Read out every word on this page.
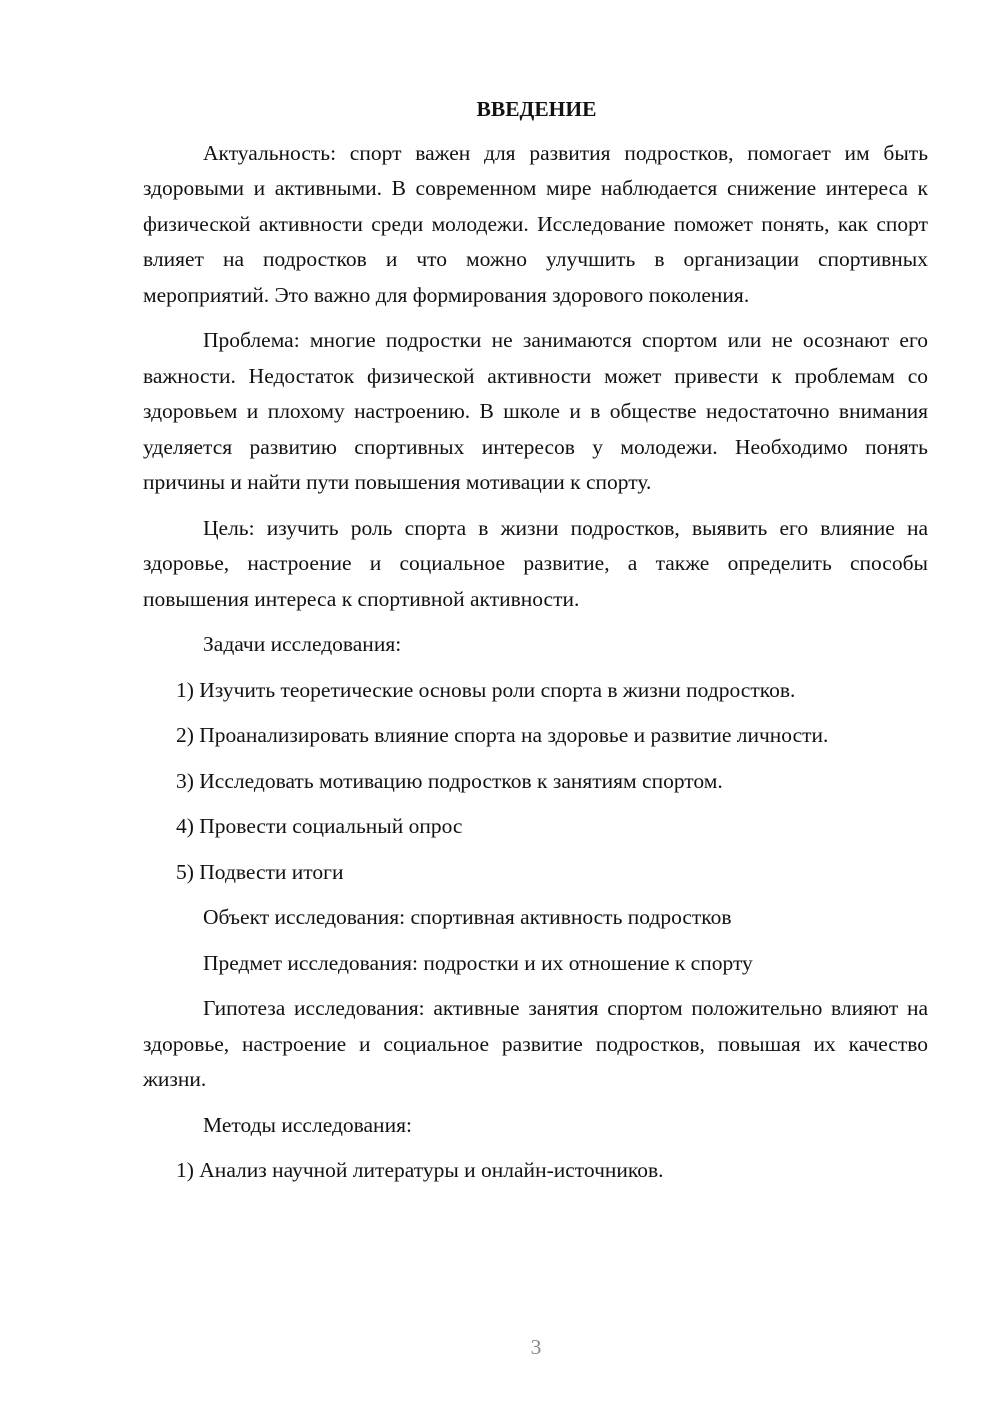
ВВЕДЕНИЕ

Актуальность: спорт важен для развития подростков, помогает им быть здоровыми и активными. В современном мире наблюдается снижение интереса к физической активности среди молодежи. Исследование поможет понять, как спорт влияет на подростков и что можно улучшить в организации спортивных мероприятий. Это важно для формирования здорового поколения.

Проблема: многие подростки не занимаются спортом или не осознают его важности. Недостаток физической активности может привести к проблемам со здоровьем и плохому настроению. В школе и в обществе недостаточно внимания уделяется развитию спортивных интересов у молодежи. Необходимо понять причины и найти пути повышения мотивации к спорту.

Цель: изучить роль спорта в жизни подростков, выявить его влияние на здоровье, настроение и социальное развитие, а также определить способы повышения интереса к спортивной активности.

Задачи исследования:

1) Изучить теоретические основы роли спорта в жизни подростков.

2) Проанализировать влияние спорта на здоровье и развитие личности.

3) Исследовать мотивацию подростков к занятиям спортом.

4) Провести социальный опрос

5) Подвести итоги

Объект исследования: спортивная активность подростков

Предмет исследования: подростки и их отношение к спорту

Гипотеза исследования: активные занятия спортом положительно влияют на здоровье, настроение и социальное развитие подростков, повышая их качество жизни.

Методы исследования:

1) Анализ научной литературы и онлайн-источников.

3
